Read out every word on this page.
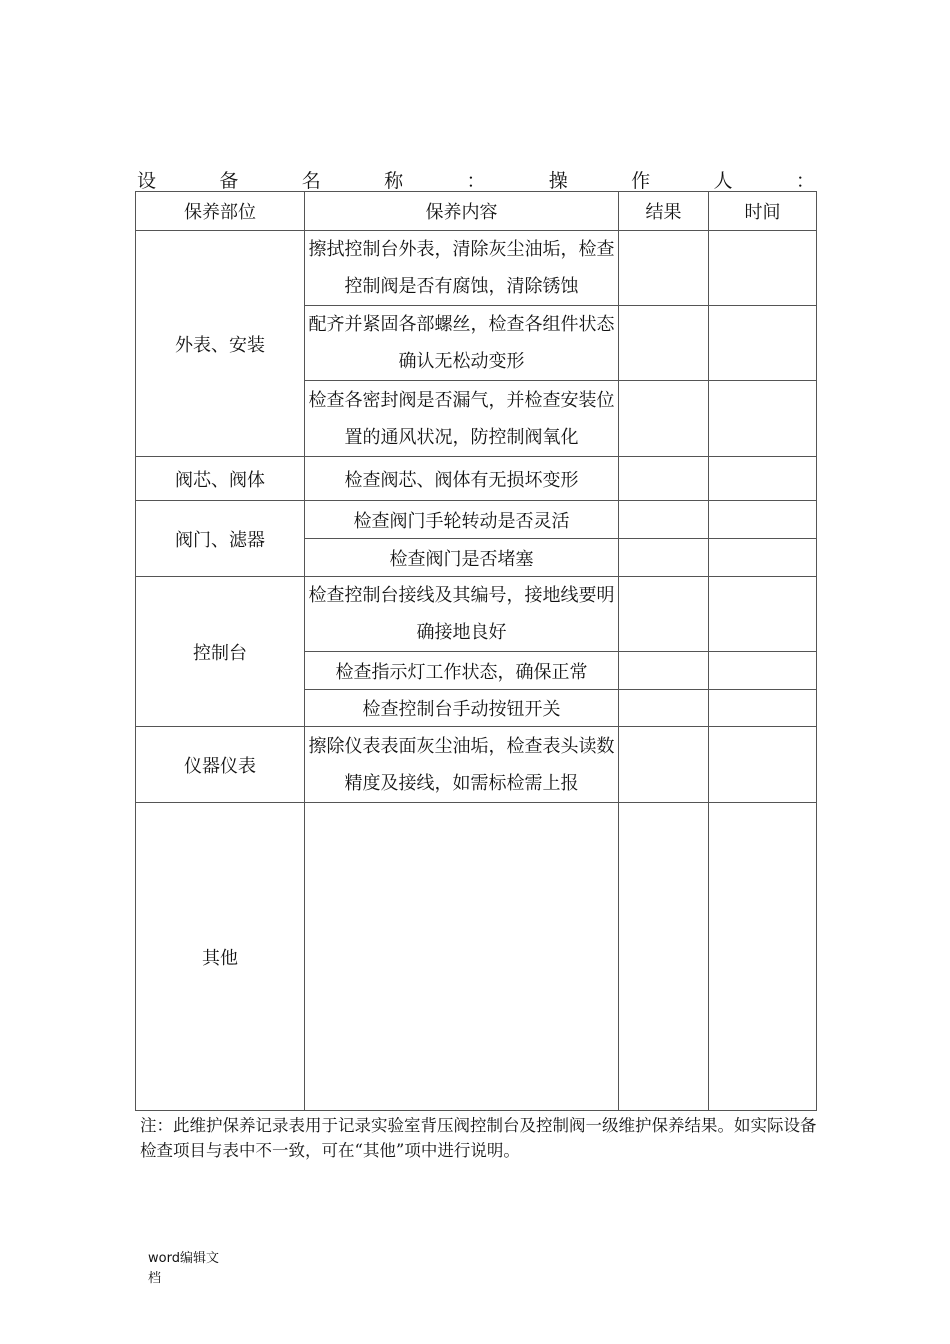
设	备	名	称	：	操	作	人	：
保养部位	保养内容	结果	时间
外表、安装	擦拭控制台外表，清除灰尘油垢，检查控制阀是否有腐蚀，清除锈蚀		
	配齐并紧固各部螺丝，检查各组件状态确认无松动变形		
	检查各密封阀是否漏气，并检查安装位置的通风状况，防控制阀氧化		
阀芯、阀体	检查阀芯、阀体有无损坏变形		
阀门、滤器	检查阀门手轮转动是否灵活		
	检查阀门是否堵塞		
控制台	检查控制台接线及其编号，接地线要明确接地良好		
	检查指示灯工作状态，确保正常		
	检查控制台手动按钮开关		
仪器仪表	擦除仪表表面灰尘油垢，检查表头读数精度及接线，如需标检需上报		
其他			
注：此维护保养记录表用于记录实验室背压阀控制台及控制阀一级维护保养结果。如实际设备检查项目与表中不一致，可在“其他”项中进行说明。
word编辑文档
